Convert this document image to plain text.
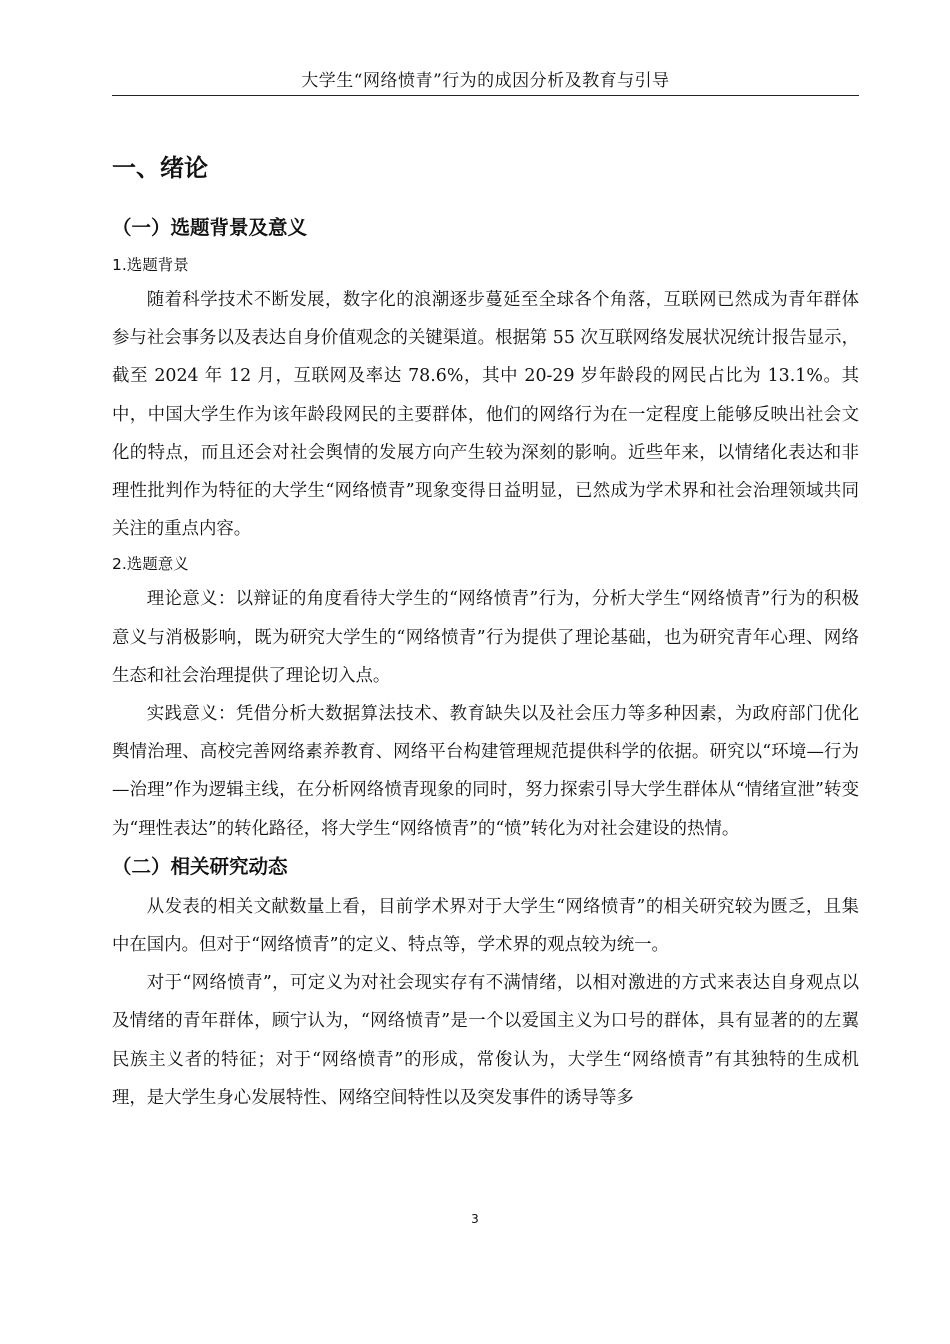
大学生“网络愤青”行为的成因分析及教育与引导
一、绪论
（一）选题背景及意义
1.选题背景

随着科学技术不断发展，数字化的浪潮逐步蔓延至全球各个角落，互联网已然成为青年群体参与社会事务以及表达自身价值观念的关键渠道。根据第 55 次互联网络发展状况统计报告显示，截至 2024 年 12 月，互联网及率达 78.6%，其中 20-29 岁年龄段的网民占比为 13.1%。其中，中国大学生作为该年龄段网民的主要群体，他们的网络行为在一定程度上能够反映出社会文化的特点，而且还会对社会舆情的发展方向产生较为深刻的影响。近些年来，以情绪化表达和非理性批判作为特征的大学生“网络愤青”现象变得日益明显，已然成为学术界和社会治理领域共同关注的重点内容。

2.选题意义

理论意义：以辩证的角度看待大学生的“网络愤青”行为，分析大学生“网络愤青”行为的积极意义与消极影响，既为研究大学生的“网络愤青”行为提供了理论基础，也为研究青年心理、网络生态和社会治理提供了理论切入点。

实践意义：凭借分析大数据算法技术、教育缺失以及社会压力等多种因素，为政府部门优化舆情治理、高校完善网络素养教育、网络平台构建管理规范提供科学的依据。研究以“环境—行为—治理”作为逻辑主线，在分析网络愤青现象的同时，努力探索引导大学生群体从“情绪宣泄”转变为“理性表达”的转化路径，将大学生“网络愤青”的“愤”转化为对社会建设的热情。

（二）相关研究动态

从发表的相关文献数量上看，目前学术界对于大学生“网络愤青”的相关研究较为匮乏，且集中在国内。但对于“网络愤青”的定义、特点等，学术界的观点较为统一。

对于“网络愤青”，可定义为对社会现实存有不满情绪，以相对激进的方式来表达自身观点以及情绪的青年群体，顾宁认为，“网络愤青”是一个以爱国主义为口号的群体，具有显著的的左翼民族主义者的特征；对于“网络愤青”的形成，常俊认为，大学生“网络愤青”有其独特的生成机理，是大学生身心发展特性、网络空间特性以及突发事件的诱导等多

3
